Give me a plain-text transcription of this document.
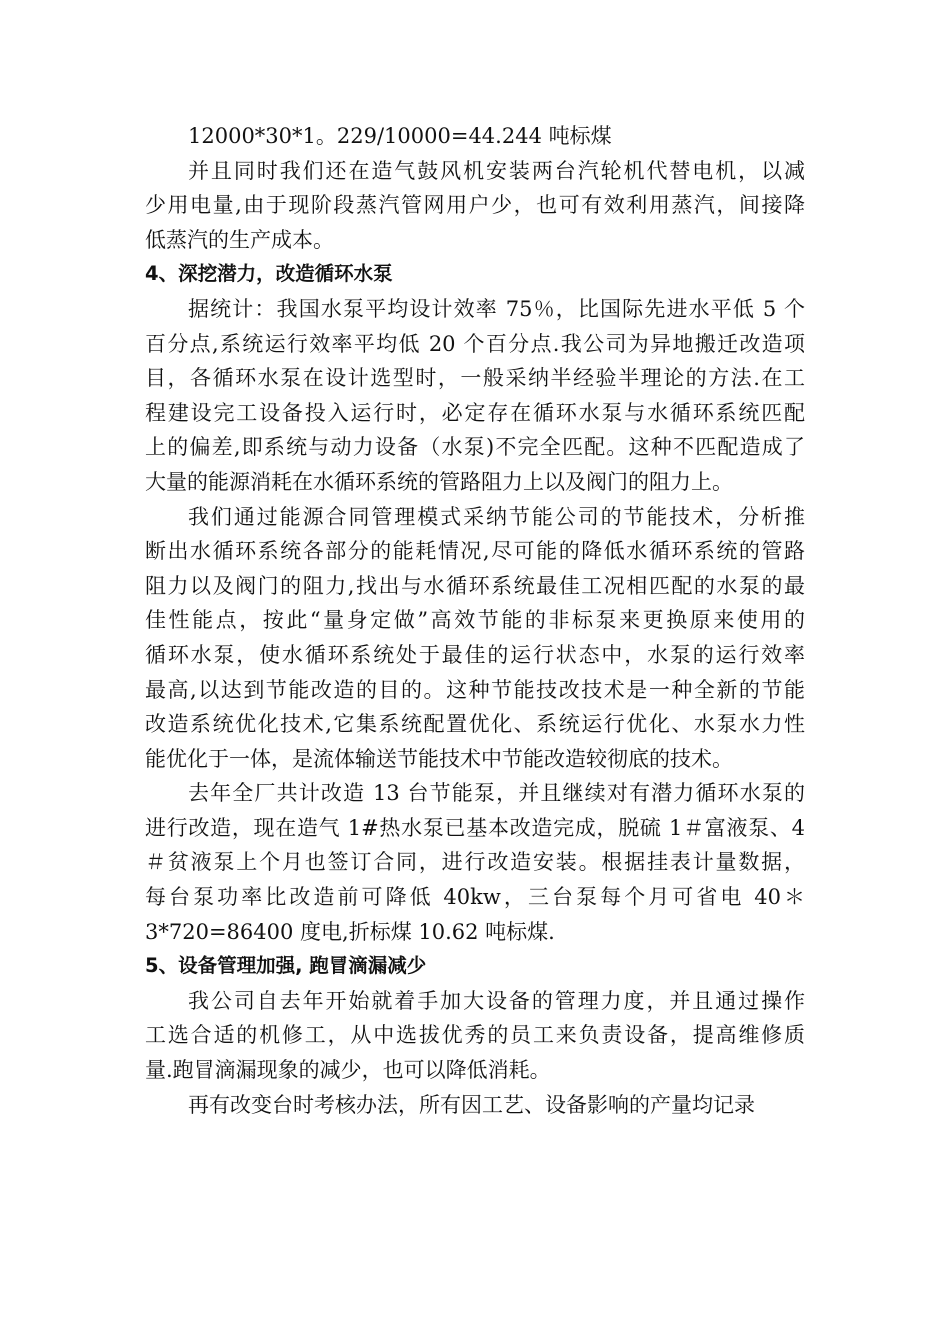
12000*30*1。229/10000=44.244 吨标煤
并且同时我们还在造气鼓风机安装两台汽轮机代替电机，以减
少用电量,由于现阶段蒸汽管网用户少，也可有效利用蒸汽，间接降
低蒸汽的生产成本。
4、深挖潜力，改造循环水泵
据统计：我国水泵平均设计效率 75％，比国际先进水平低 5 个
百分点,系统运行效率平均低 20 个百分点.我公司为异地搬迁改造项
目，各循环水泵在设计选型时，一般采纳半经验半理论的方法.在工
程建设完工设备投入运行时，必定存在循环水泵与水循环系统匹配
上的偏差,即系统与动力设备（水泵)不完全匹配。这种不匹配造成了
大量的能源消耗在水循环系统的管路阻力上以及阀门的阻力上。
我们通过能源合同管理模式采纳节能公司的节能技术，分析推
断出水循环系统各部分的能耗情况,尽可能的降低水循环系统的管路
阻力以及阀门的阻力,找出与水循环系统最佳工况相匹配的水泵的最
佳性能点，按此“量身定做”高效节能的非标泵来更换原来使用的
循环水泵，使水循环系统处于最佳的运行状态中，水泵的运行效率
最高,以达到节能改造的目的。这种节能技改技术是一种全新的节能
改造系统优化技术,它集系统配置优化、系统运行优化、水泵水力性
能优化于一体，是流体输送节能技术中节能改造较彻底的技术。
去年全厂共计改造 13 台节能泵，并且继续对有潜力循环水泵的
进行改造，现在造气 1#热水泵已基本改造完成，脱硫 1＃富液泵、4
＃贫液泵上个月也签订合同，进行改造安装。根据挂表计量数据，
每台泵功率比改造前可降低 40kw，三台泵每个月可省电 40＊
3*720=86400 度电,折标煤 10.62 吨标煤.
5、设备管理加强, 跑冒滴漏减少
我公司自去年开始就着手加大设备的管理力度，并且通过操作
工选合适的机修工，从中选拔优秀的员工来负责设备，提高维修质
量.跑冒滴漏现象的减少，也可以降低消耗。
再有改变台时考核办法，所有因工艺、设备影响的产量均记录
